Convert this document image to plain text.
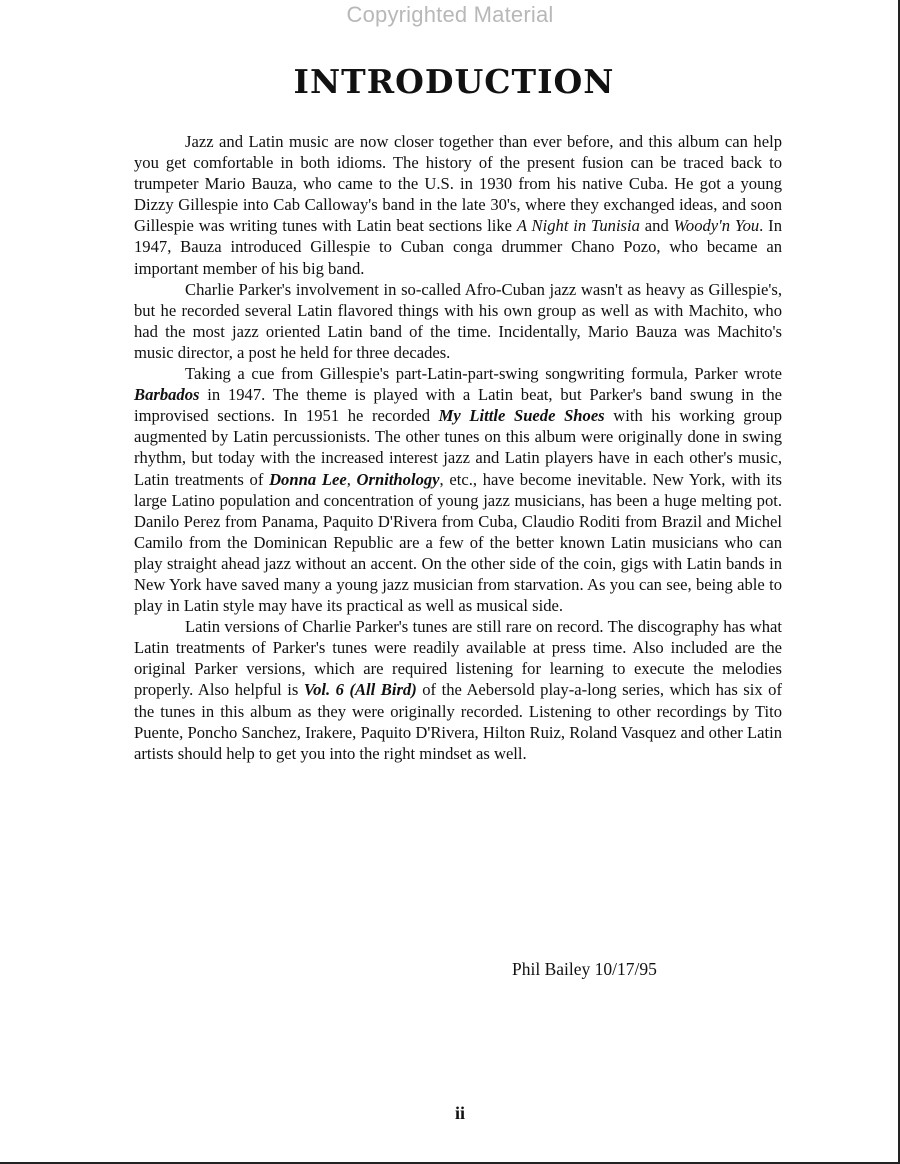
Copyrighted Material
INTRODUCTION

Jazz and Latin music are now closer together than ever before, and this album can help you get comfortable in both idioms. The history of the present fusion can be traced back to trumpeter Mario Bauza, who came to the U.S. in 1930 from his native Cuba. He got a young Dizzy Gillespie into Cab Calloway's band in the late 30's, where they exchanged ideas, and soon Gillespie was writing tunes with Latin beat sections like A Night in Tunisia and Woody'n You. In 1947, Bauza introduced Gillespie to Cuban conga drummer Chano Pozo, who became an important member of his big band.

Charlie Parker's involvement in so-called Afro-Cuban jazz wasn't as heavy as Gillespie's, but he recorded several Latin flavored things with his own group as well as with Machito, who had the most jazz oriented Latin band of the time. Incidentally, Mario Bauza was Machito's music director, a post he held for three decades.

Taking a cue from Gillespie's part-Latin-part-swing songwriting formula, Parker wrote Barbados in 1947. The theme is played with a Latin beat, but Parker's band swung in the improvised sections. In 1951 he recorded My Little Suede Shoes with his working group augmented by Latin percussionists. The other tunes on this album were originally done in swing rhythm, but today with the increased interest jazz and Latin players have in each other's music, Latin treatments of Donna Lee, Ornithology, etc., have become inevitable. New York, with its large Latino population and concentration of young jazz musicians, has been a huge melting pot. Danilo Perez from Panama, Paquito D'Rivera from Cuba, Claudio Roditi from Brazil and Michel Camilo from the Dominican Republic are a few of the better known Latin musicians who can play straight ahead jazz without an accent. On the other side of the coin, gigs with Latin bands in New York have saved many a young jazz musician from starvation. As you can see, being able to play in Latin style may have its practical as well as musical side.

Latin versions of Charlie Parker's tunes are still rare on record. The discography has what Latin treatments of Parker's tunes were readily available at press time. Also included are the original Parker versions, which are required listening for learning to execute the melodies properly. Also helpful is Vol. 6 (All Bird) of the Aebersold play-a-long series, which has six of the tunes in this album as they were originally recorded. Listening to other recordings by Tito Puente, Poncho Sanchez, Irakere, Paquito D'Rivera, Hilton Ruiz, Roland Vasquez and other Latin artists should help to get you into the right mindset as well.

Phil Bailey 10/17/95
ii
